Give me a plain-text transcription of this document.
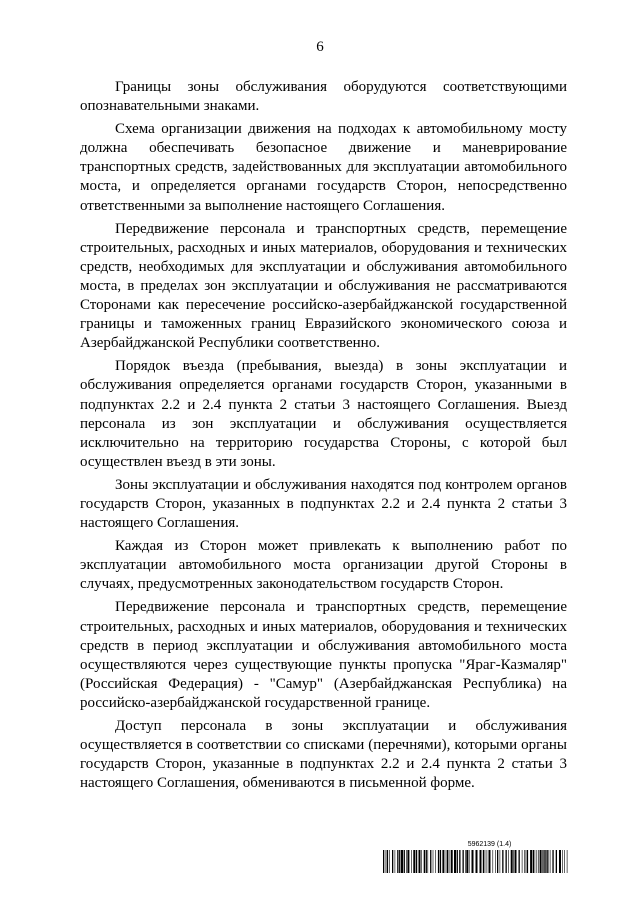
6

Границы зоны обслуживания оборудуются соответствующими опознавательными знаками.

Схема организации движения на подходах к автомобильному мосту должна обеспечивать безопасное движение и маневрирование транспортных средств, задействованных для эксплуатации автомобильного моста, и определяется органами государств Сторон, непосредственно ответственными за выполнение настоящего Соглашения.

Передвижение персонала и транспортных средств, перемещение строительных, расходных и иных материалов, оборудования и технических средств, необходимых для эксплуатации и обслуживания автомобильного моста, в пределах зон эксплуатации и обслуживания не рассматриваются Сторонами как пересечение российско-азербайджанской государственной границы и таможенных границ Евразийского экономического союза и Азербайджанской Республики соответственно.

Порядок въезда (пребывания, выезда) в зоны эксплуатации и обслуживания определяется органами государств Сторон, указанными в подпунктах 2.2 и 2.4 пункта 2 статьи 3 настоящего Соглашения. Выезд персонала из зон эксплуатации и обслуживания осуществляется исключительно на территорию государства Стороны, с которой был осуществлен въезд в эти зоны.

Зоны эксплуатации и обслуживания находятся под контролем органов государств Сторон, указанных в подпунктах 2.2 и 2.4 пункта 2 статьи 3 настоящего Соглашения.

Каждая из Сторон может привлекать к выполнению работ по эксплуатации автомобильного моста организации другой Стороны в случаях, предусмотренных законодательством государств Сторон.

Передвижение персонала и транспортных средств, перемещение строительных, расходных и иных материалов, оборудования и технических средств в период эксплуатации и обслуживания автомобильного моста осуществляются через существующие пункты пропуска "Яраг-Казмаляр" (Российская Федерация) - "Самур" (Азербайджанская Республика) на российско-азербайджанской государственной границе.

Доступ персонала в зоны эксплуатации и обслуживания осуществляется в соответствии со списками (перечнями), которыми органы государств Сторон, указанные в подпунктах 2.2 и 2.4 пункта 2 статьи 3 настоящего Соглашения, обмениваются в письменной форме.

5962139 (1.4)
